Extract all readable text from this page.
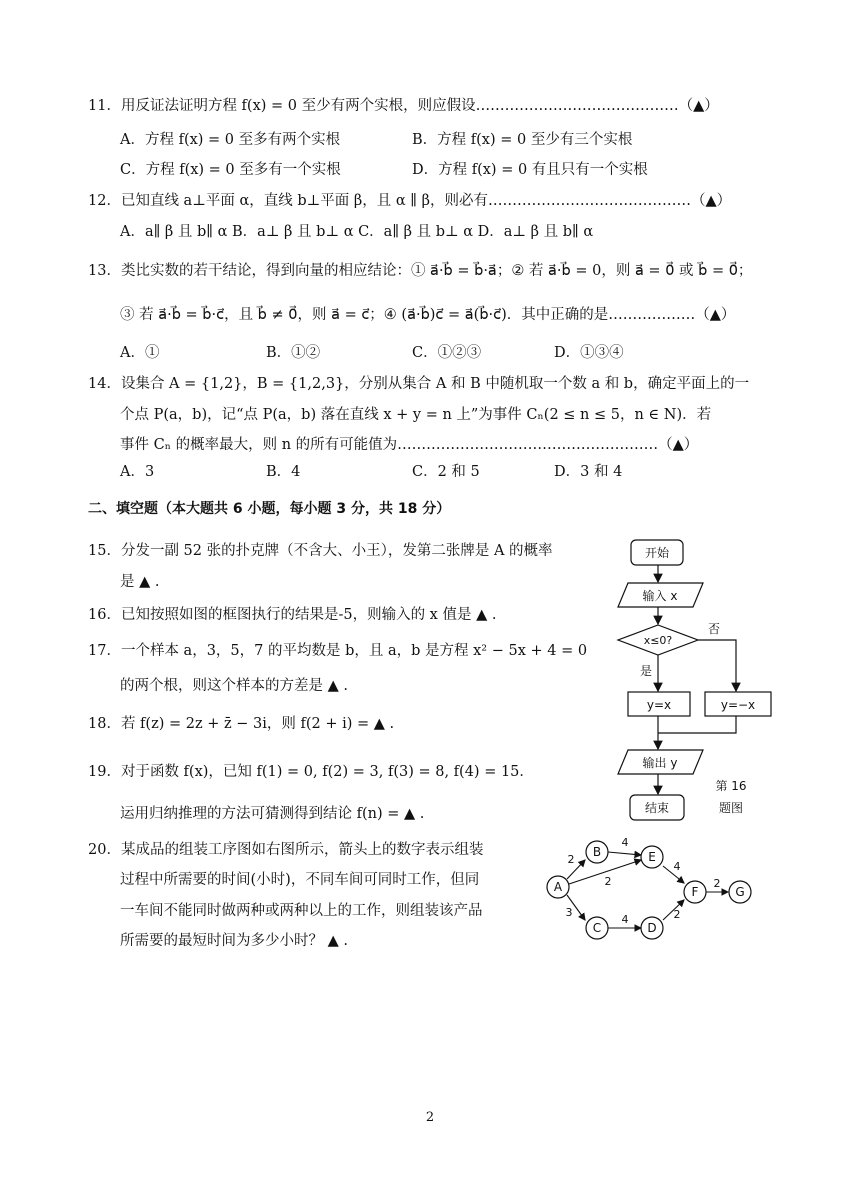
11．用反证法证明方程 f(x) = 0 至少有两个实根，则应假设……………………………………（▲）
A．方程 f(x) = 0 至多有两个实根	B．方程 f(x) = 0 至少有三个实根
C．方程 f(x) = 0 至多有一个实根	D．方程 f(x) = 0 有且只有一个实根
12．已知直线 a⊥平面 α，直线 b⊥平面 β，且 α ∥ β，则必有……………………………………（▲）
A．a∥ β 且 b∥ α B．a⊥ β 且 b⊥ α C．a∥ β 且 b⊥ α D．a⊥ β 且 b∥ α
13．类比实数的若干结论，得到向量的相应结论：① a⃗·b⃗ = b⃗·a⃗；② 若 a⃗·b⃗ = 0，则 a⃗ = 0⃗ 或 b⃗ = 0⃗；
③ 若 a⃗·b⃗ = b⃗·c⃗，且 b⃗ ≠ 0⃗，则 a⃗ = c⃗；④ (a⃗·b⃗)c⃗ = a⃗(b⃗·c⃗)．其中正确的是………………（▲）
A．①	B．①②	C．①②③	D．①③④
14．设集合 A = {1,2}，B = {1,2,3}，分别从集合 A 和 B 中随机取一个数 a 和 b，确定平面上的一
个点 P(a，b)，记“点 P(a，b) 落在直线 x + y = n 上”为事件 Cₙ(2 ≤ n ≤ 5，n ∈ N)．若
事件 Cₙ 的概率最大，则 n 的所有可能值为………………………………………………（▲）
A．3	B．4	C．2 和 5	D．3 和 4
二、填空题（本大题共 6 小题，每小题 3 分，共 18 分）
15．分发一副 52 张的扑克牌（不含大、小王），发第二张牌是 A 的概率
是 ▲ .
16．已知按照如图的框图执行的结果是-5，则输入的 x 值是 ▲ .
17．一个样本 a，3，5，7 的平均数是 b，且 a，b 是方程 x² − 5x + 4 = 0
的两个根，则这个样本的方差是 ▲ .
18．若 f(z) = 2z + z̄ − 3i，则 f(2 + i) = ▲ .
19．对于函数 f(x)，已知 f(1) = 0, f(2) = 3, f(3) = 8, f(4) = 15．
运用归纳推理的方法可猜测得到结论 f(n) = ▲ .
20．某成品的组装工序图如右图所示，箭头上的数字表示组装
过程中所需要的时间(小时)，不同车间可同时工作，但同
一车间不能同时做两种或两种以上的工作，则组装该产品
所需要的最短时间为多少小时？ ▲ .
开始
输入 x
x≤0?
是
否
y=x	y=−x
输出 y
结束
第 16
题图
A
B
C	D
E
F	G
2
4
2
3
4
4
2
2
2
